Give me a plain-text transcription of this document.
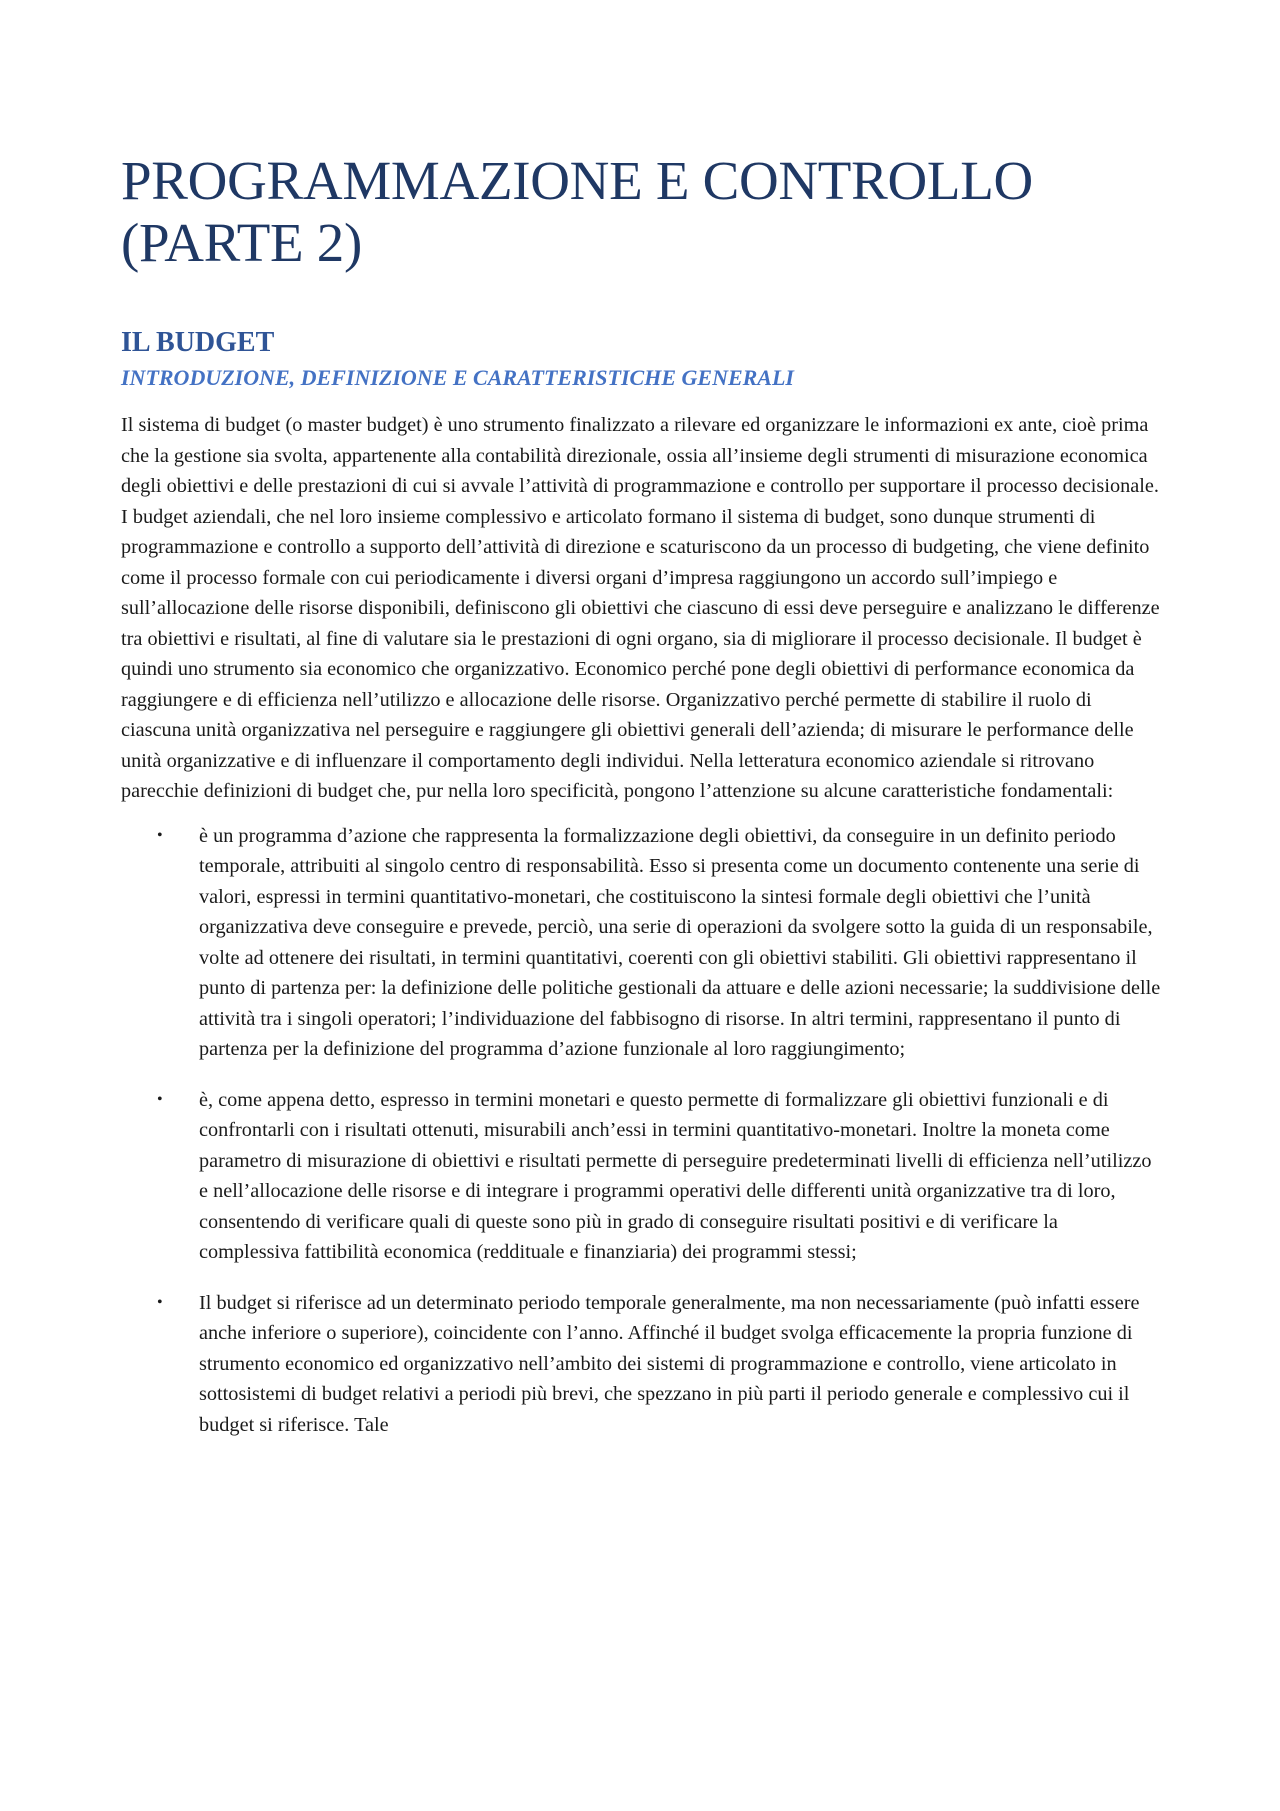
PROGRAMMAZIONE E CONTROLLO (PARTE 2)
IL BUDGET
INTRODUZIONE, DEFINIZIONE E CARATTERISTICHE GENERALI

Il sistema di budget (o master budget) è uno strumento finalizzato a rilevare ed organizzare le informazioni ex ante, cioè prima che la gestione sia svolta, appartenente alla contabilità direzionale, ossia all’insieme degli strumenti di misurazione economica degli obiettivi e delle prestazioni di cui si avvale l’attività di programmazione e controllo per supportare il processo decisionale. I budget aziendali, che nel loro insieme complessivo e articolato formano il sistema di budget, sono dunque strumenti di programmazione e controllo a supporto dell’attività di direzione e scaturiscono da un processo di budgeting, che viene definito come il processo formale con cui periodicamente i diversi organi d’impresa raggiungono un accordo sull’impiego e sull’allocazione delle risorse disponibili, definiscono gli obiettivi che ciascuno di essi deve perseguire e analizzano le differenze tra obiettivi e risultati, al fine di valutare sia le prestazioni di ogni organo, sia di migliorare il processo decisionale. Il budget è quindi uno strumento sia economico che organizzativo. Economico perché pone degli obiettivi di performance economica da raggiungere e di efficienza nell’utilizzo e allocazione delle risorse. Organizzativo perché permette di stabilire il ruolo di ciascuna unità organizzativa nel perseguire e raggiungere gli obiettivi generali dell’azienda; di misurare le performance delle unità organizzative e di influenzare il comportamento degli individui. Nella letteratura economico aziendale si ritrovano parecchie definizioni di budget che, pur nella loro specificità, pongono l’attenzione su alcune caratteristiche fondamentali:

• è un programma d’azione che rappresenta la formalizzazione degli obiettivi, da conseguire in un definito periodo temporale, attribuiti al singolo centro di responsabilità. Esso si presenta come un documento contenente una serie di valori, espressi in termini quantitativo-monetari, che costituiscono la sintesi formale degli obiettivi che l’unità organizzativa deve conseguire e prevede, perciò, una serie di operazioni da svolgere sotto la guida di un responsabile, volte ad ottenere dei risultati, in termini quantitativi, coerenti con gli obiettivi stabiliti. Gli obiettivi rappresentano il punto di partenza per: la definizione delle politiche gestionali da attuare e delle azioni necessarie; la suddivisione delle attività tra i singoli operatori; l’individuazione del fabbisogno di risorse. In altri termini, rappresentano il punto di partenza per la definizione del programma d’azione funzionale al loro raggiungimento;
• è, come appena detto, espresso in termini monetari e questo permette di formalizzare gli obiettivi funzionali e di confrontarli con i risultati ottenuti, misurabili anch’essi in termini quantitativo-monetari. Inoltre la moneta come parametro di misurazione di obiettivi e risultati permette di perseguire predeterminati livelli di efficienza nell’utilizzo e nell’allocazione delle risorse e di integrare i programmi operativi delle differenti unità organizzative tra di loro, consentendo di verificare quali di queste sono più in grado di conseguire risultati positivi e di verificare la complessiva fattibilità economica (reddituale e finanziaria) dei programmi stessi;
• Il budget si riferisce ad un determinato periodo temporale generalmente, ma non necessariamente (può infatti essere anche inferiore o superiore), coincidente con l’anno. Affinché il budget svolga efficacemente la propria funzione di strumento economico ed organizzativo nell’ambito dei sistemi di programmazione e controllo, viene articolato in sottosistemi di budget relativi a periodi più brevi, che spezzano in più parti il periodo generale e complessivo cui il budget si riferisce. Tale
